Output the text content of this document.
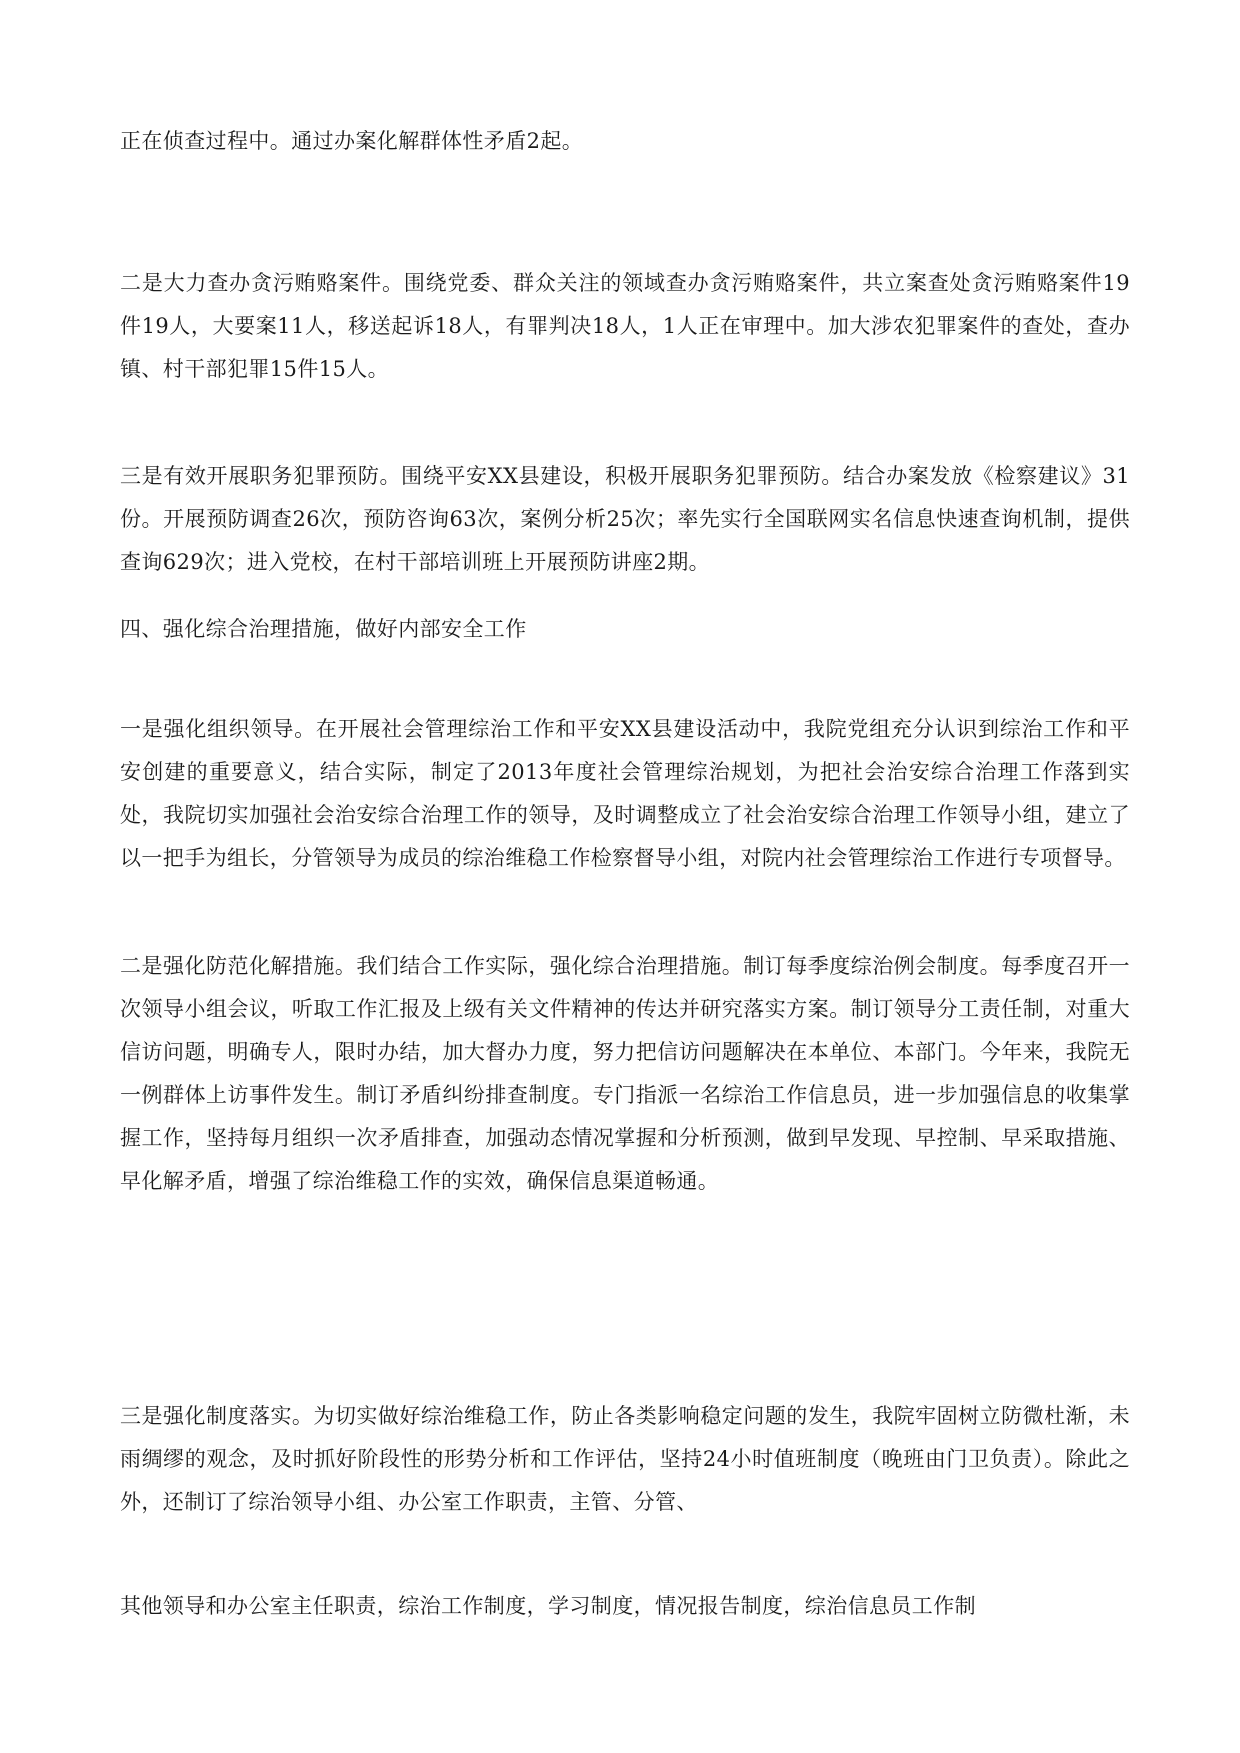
正在侦查过程中。通过办案化解群体性矛盾2起。

二是大力查办贪污贿赂案件。围绕党委、群众关注的领域查办贪污贿赂案件，共立案查处贪污贿赂案件19件19人，大要案11人，移送起诉18人，有罪判决18人，1人正在审理中。加大涉农犯罪案件的查处，查办镇、村干部犯罪15件15人。

三是有效开展职务犯罪预防。围绕平安XX县建设，积极开展职务犯罪预防。结合办案发放《检察建议》31份。开展预防调查26次，预防咨询63次，案例分析25次；率先实行全国联网实名信息快速查询机制，提供查询629次；进入党校，在村干部培训班上开展预防讲座2期。

四、强化综合治理措施，做好内部安全工作

一是强化组织领导。在开展社会管理综治工作和平安XX县建设活动中，我院党组充分认识到综治工作和平安创建的重要意义，结合实际，制定了2013年度社会管理综治规划，为把社会治安综合治理工作落到实处，我院切实加强社会治安综合治理工作的领导，及时调整成立了社会治安综合治理工作领导小组，建立了以一把手为组长，分管领导为成员的综治维稳工作检察督导小组，对院内社会管理综治工作进行专项督导。

二是强化防范化解措施。我们结合工作实际，强化综合治理措施。制订每季度综治例会制度。每季度召开一次领导小组会议，听取工作汇报及上级有关文件精神的传达并研究落实方案。制订领导分工责任制，对重大信访问题，明确专人，限时办结，加大督办力度，努力把信访问题解决在本单位、本部门。今年来，我院无一例群体上访事件发生。制订矛盾纠纷排查制度。专门指派一名综治工作信息员，进一步加强信息的收集掌握工作，坚持每月组织一次矛盾排查，加强动态情况掌握和分析预测，做到早发现、早控制、早采取措施、早化解矛盾，增强了综治维稳工作的实效，确保信息渠道畅通。

三是强化制度落实。为切实做好综治维稳工作，防止各类影响稳定问题的发生，我院牢固树立防微杜渐，未雨绸缪的观念，及时抓好阶段性的形势分析和工作评估，坚持24小时值班制度（晚班由门卫负责）。除此之外，还制订了综治领导小组、办公室工作职责，主管、分管、

其他领导和办公室主任职责，综治工作制度，学习制度，情况报告制度，综治信息员工作制
